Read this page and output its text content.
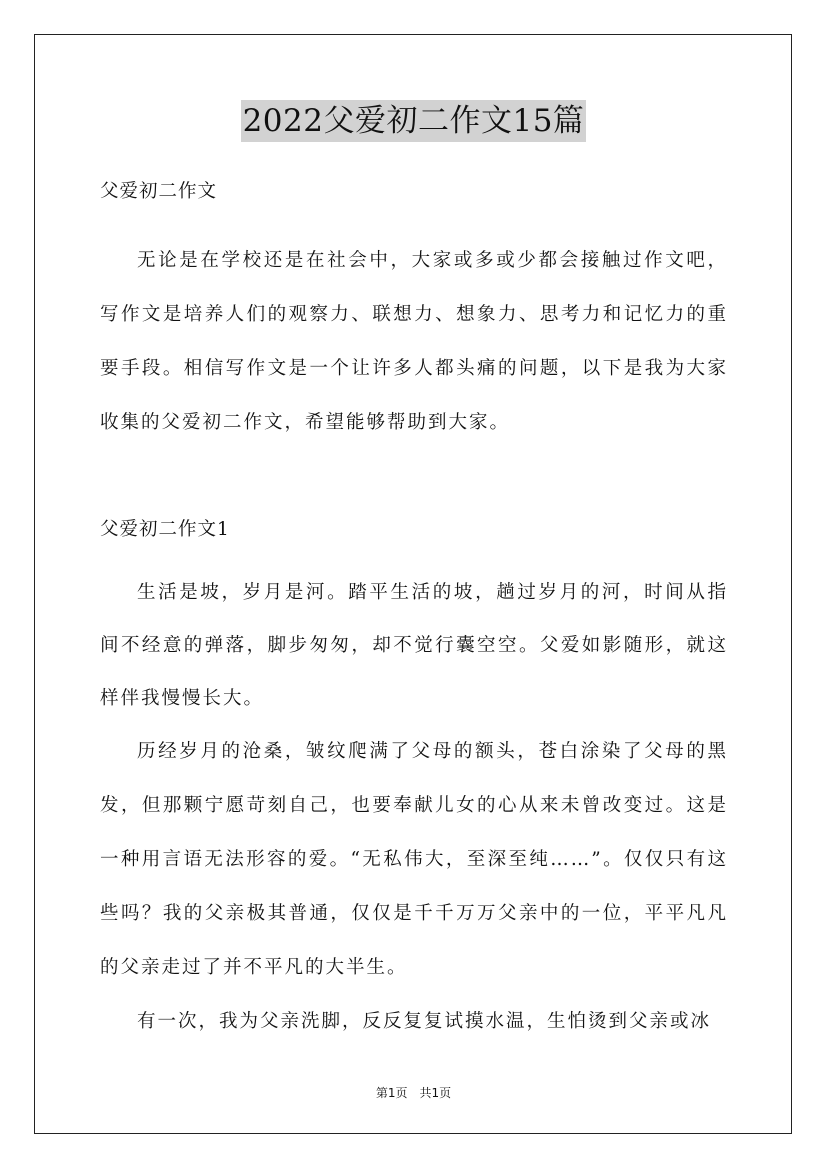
2022父爱初二作文15篇

父爱初二作文

无论是在学校还是在社会中，大家或多或少都会接触过作文吧，写作文是培养人们的观察力、联想力、想象力、思考力和记忆力的重要手段。相信写作文是一个让许多人都头痛的问题，以下是我为大家收集的父爱初二作文，希望能够帮助到大家。

父爱初二作文1

生活是坡，岁月是河。踏平生活的坡，趟过岁月的河，时间从指间不经意的弹落，脚步匆匆，却不觉行囊空空。父爱如影随形，就这样伴我慢慢长大。

历经岁月的沧桑，皱纹爬满了父母的额头，苍白涂染了父母的黑发，但那颗宁愿苛刻自己，也要奉献儿女的心从来未曾改变过。这是一种用言语无法形容的爱。“无私伟大，至深至纯……”。仅仅只有这些吗？我的父亲极其普通，仅仅是千千万万父亲中的一位，平平凡凡的父亲走过了并不平凡的大半生。

有一次，我为父亲洗脚，反反复复试摸水温，生怕烫到父亲或冰

第1页 共1页
